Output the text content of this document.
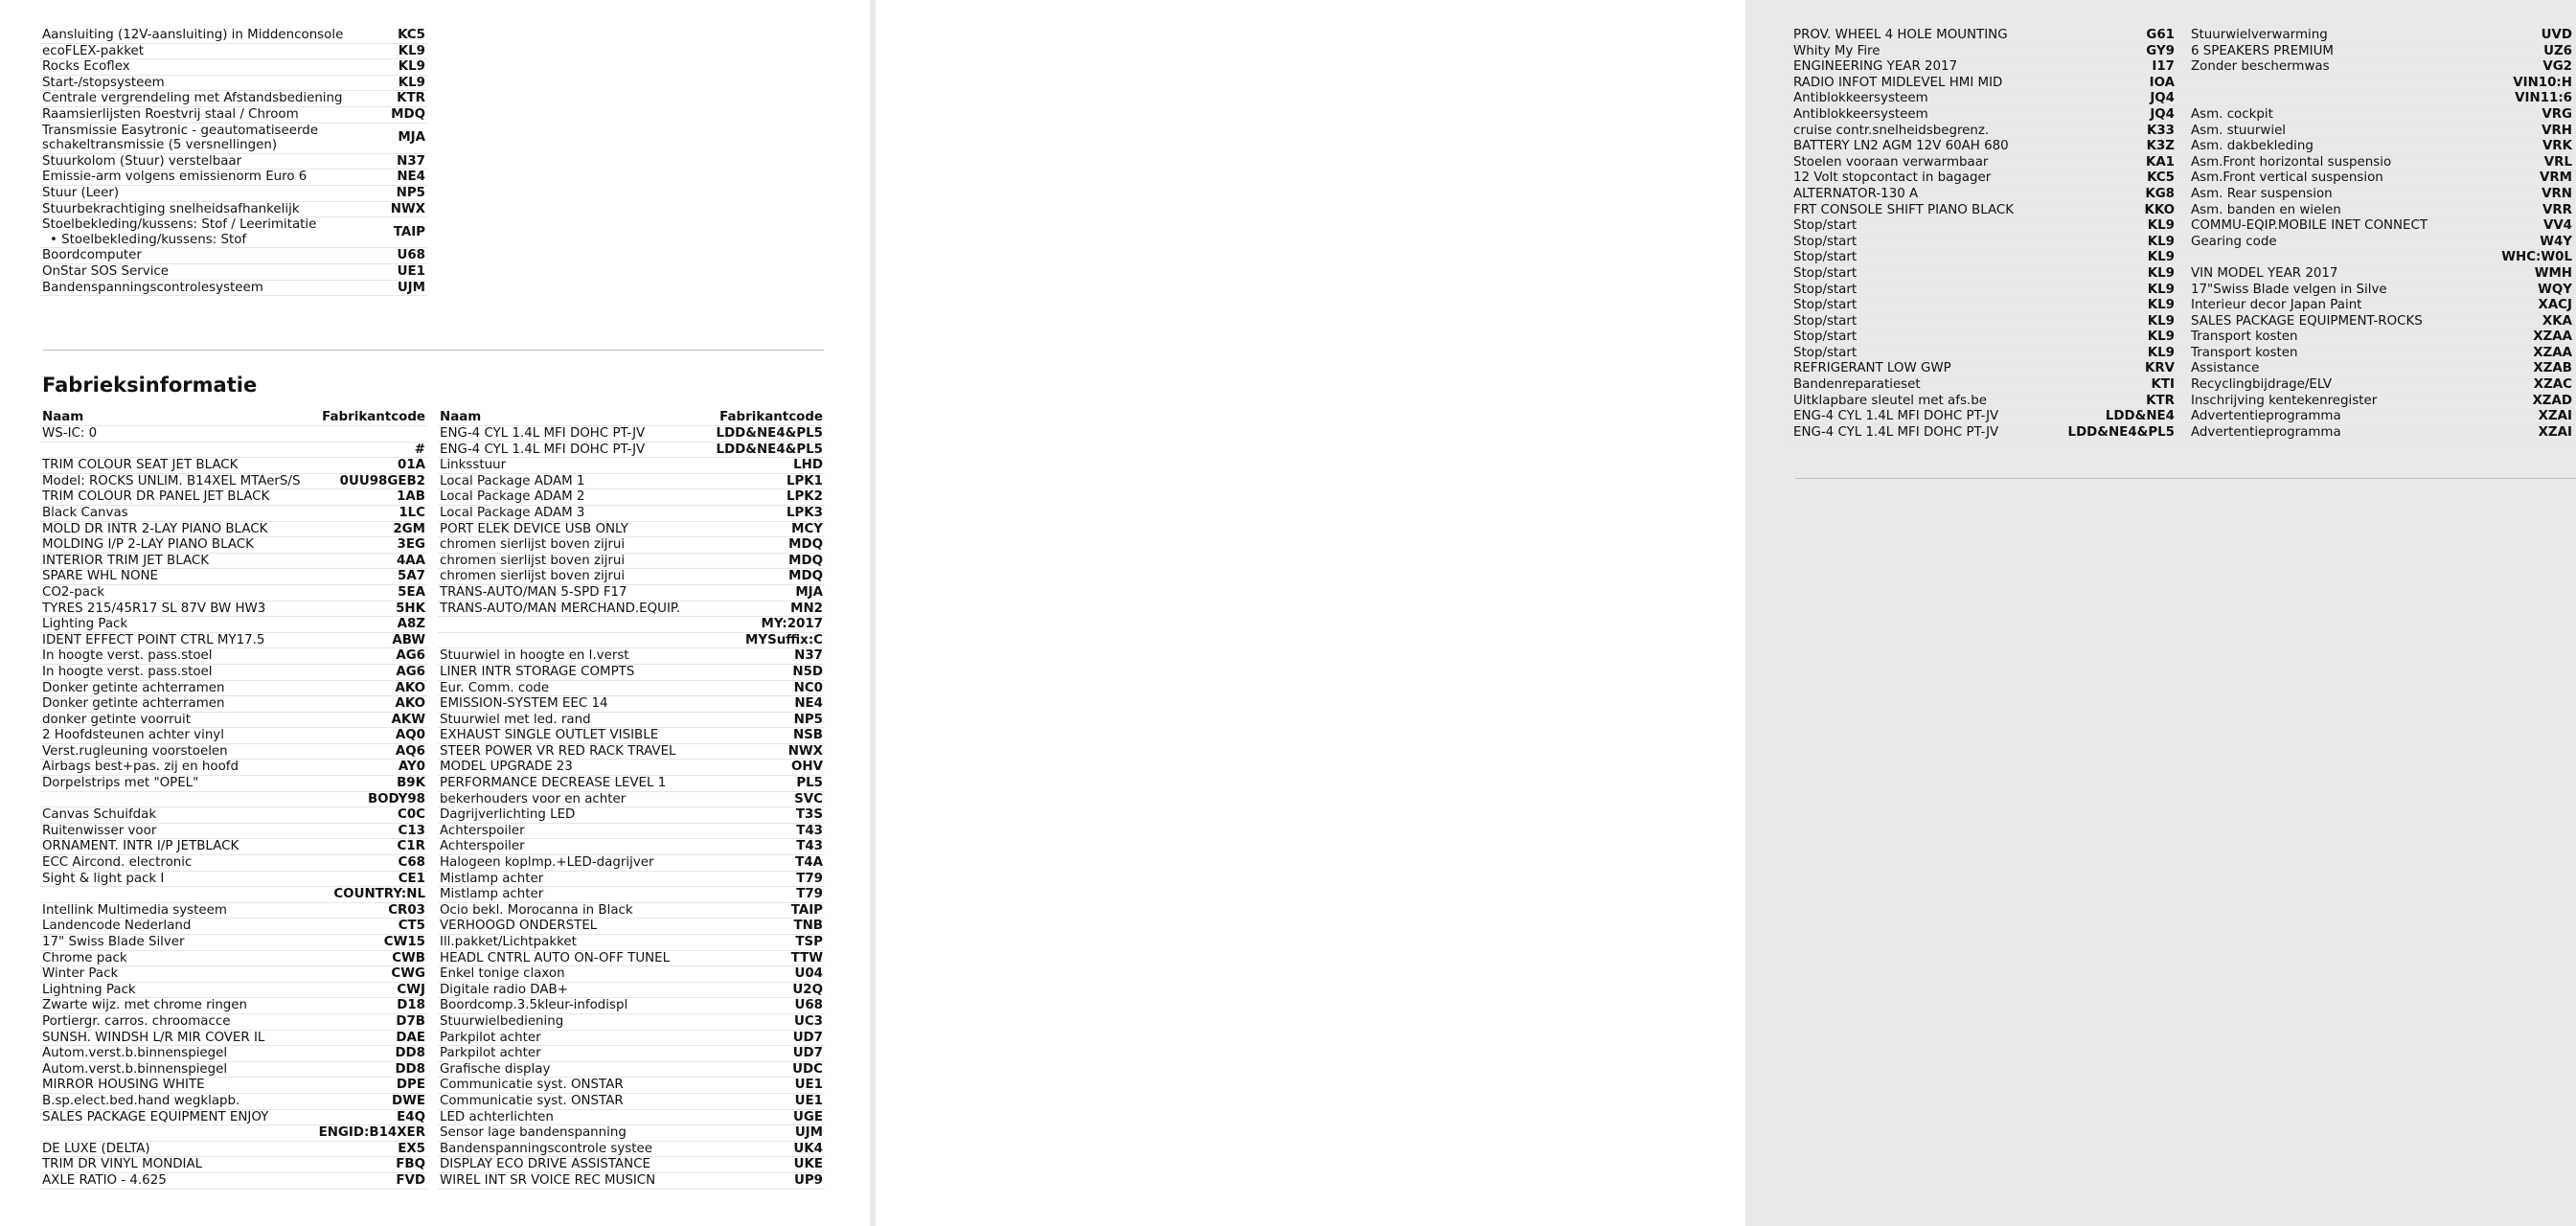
Aansluiting (12V-aansluiting) in Middenconsole	KC5
ecoFLEX-pakket	KL9
Rocks Ecoflex	KL9
Start-/stopsysteem	KL9
Centrale vergrendeling met Afstandsbediening	KTR
Raamsierlijsten Roestvrij staal / Chroom	MDQ
Transmissie Easytronic - geautomatiseerde schakeltransmissie (5 versnellingen)	MJA
Stuurkolom (Stuur) verstelbaar	N37
Emissie-arm volgens emissienorm Euro 6	NE4
Stuur (Leer)	NP5
Stuurbekrachtiging snelheidsafhankelijk	NWX
Stoelbekleding/kussens: Stof / Leerimitatie
• Stoelbekleding/kussens: Stof	TAIP
Boordcomputer	U68
OnStar SOS Service	UE1
Bandenspanningscontrolesysteem	UJM
Fabrieksinformatie
Naam	Fabrikantcode
WS-IC: 0	
	#
TRIM COLOUR SEAT JET BLACK	01A
Model: ROCKS UNLIM. B14XEL MTAerS/S	0UU98GEB2
TRIM COLOUR DR PANEL JET BLACK	1AB
Black Canvas	1LC
MOLD DR INTR 2-LAY PIANO BLACK	2GM
MOLDING I/P 2-LAY PIANO BLACK	3EG
INTERIOR TRIM JET BLACK	4AA
SPARE WHL NONE	5A7
CO2-pack	5EA
TYRES 215/45R17 SL 87V BW HW3	5HK
Lighting Pack	A8Z
IDENT EFFECT POINT CTRL MY17.5	ABW
In hoogte verst. pass.stoel	AG6
In hoogte verst. pass.stoel	AG6
Donker getinte achterramen	AKO
Donker getinte achterramen	AKO
donker getinte voorruit	AKW
2 Hoofdsteunen achter vinyl	AQ0
Verst.rugleuning voorstoelen	AQ6
Airbags best+pas. zij en hoofd	AY0
Dorpelstrips met "OPEL"	B9K
	BODY98
Canvas Schuifdak	C0C
Ruitenwisser voor	C13
ORNAMENT. INTR I/P JETBLACK	C1R
ECC Aircond. electronic	C68
Sight & light pack I	CE1
	COUNTRY:NL
Intellink Multimedia systeem	CR03
Landencode Nederland	CT5
17" Swiss Blade Silver	CW15
Chrome pack	CWB
Winter Pack	CWG
Lightning Pack	CWJ
Zwarte wijz. met chrome ringen	D18
Portiergr. carros. chroomacce	D7B
SUNSH. WINDSH L/R MIR COVER IL	DAE
Autom.verst.b.binnenspiegel	DD8
Autom.verst.b.binnenspiegel	DD8
MIRROR HOUSING WHITE	DPE
B.sp.elect.bed.hand wegklapb.	DWE
SALES PACKAGE EQUIPMENT ENJOY	E4Q
	ENGID:B14XER
DE LUXE (DELTA)	EX5
TRIM DR VINYL MONDIAL	FBQ
AXLE RATIO - 4.625	FVD
Naam	Fabrikantcode
ENG-4 CYL 1.4L MFI DOHC PT-JV	LDD&NE4&PL5
ENG-4 CYL 1.4L MFI DOHC PT-JV	LDD&NE4&PL5
Linksstuur	LHD
Local Package ADAM 1	LPK1
Local Package ADAM 2	LPK2
Local Package ADAM 3	LPK3
PORT ELEK DEVICE USB ONLY	MCY
chromen sierlijst boven zijrui	MDQ
chromen sierlijst boven zijrui	MDQ
chromen sierlijst boven zijrui	MDQ
TRANS-AUTO/MAN 5-SPD F17	MJA
TRANS-AUTO/MAN MERCHAND.EQUIP.	MN2
	MY:2017
	MYSuffix:C
Stuurwiel in hoogte en l.verst	N37
LINER INTR STORAGE COMPTS	N5D
Eur. Comm. code	NC0
EMISSION-SYSTEM EEC 14	NE4
Stuurwiel met led. rand	NP5
EXHAUST SINGLE OUTLET VISIBLE	NSB
STEER POWER VR RED RACK TRAVEL	NWX
MODEL UPGRADE 23	OHV
PERFORMANCE DECREASE LEVEL 1	PL5
bekerhouders voor en achter	SVC
Dagrijverlichting LED	T3S
Achterspoiler	T43
Achterspoiler	T43
Halogeen koplmp.+LED-dagrijver	T4A
Mistlamp achter	T79
Mistlamp achter	T79
Ocio bekl. Morocanna in Black	TAIP
VERHOOGD ONDERSTEL	TNB
Ill.pakket/Lichtpakket	TSP
HEADL CNTRL AUTO ON-OFF TUNEL	TTW
Enkel tonige claxon	U04
Digitale radio DAB+	U2Q
Boordcomp.3.5kleur-infodispl	U68
Stuurwielbediening	UC3
Parkpilot achter	UD7
Parkpilot achter	UD7
Grafische display	UDC
Communicatie syst. ONSTAR	UE1
Communicatie syst. ONSTAR	UE1
LED achterlichten	UGE
Sensor lage bandenspanning	UJM
Bandenspanningscontrole systee	UK4
DISPLAY ECO DRIVE ASSISTANCE	UKE
WIREL INT SR VOICE REC MUSICN	UP9
PROV. WHEEL 4 HOLE MOUNTING	G61
Whity My Fire	GY9
ENGINEERING YEAR 2017	I17
RADIO INFOT MIDLEVEL HMI MID	IOA
Antiblokkeersysteem	JQ4
Antiblokkeersysteem	JQ4
cruise contr.snelheidsbegrenz.	K33
BATTERY LN2 AGM 12V 60AH 680	K3Z
Stoelen vooraan verwarmbaar	KA1
12 Volt stopcontact in bagager	KC5
ALTERNATOR-130 A	KG8
FRT CONSOLE SHIFT PIANO BLACK	KKO
Stop/start	KL9
Stop/start	KL9
Stop/start	KL9
Stop/start	KL9
Stop/start	KL9
Stop/start	KL9
Stop/start	KL9
Stop/start	KL9
Stop/start	KL9
REFRIGERANT LOW GWP	KRV
Bandenreparatieset	KTI
Uitklapbare sleutel met afs.be	KTR
ENG-4 CYL 1.4L MFI DOHC PT-JV	LDD&NE4
ENG-4 CYL 1.4L MFI DOHC PT-JV	LDD&NE4&PL5
Stuurwielverwarming	UVD
6 SPEAKERS PREMIUM	UZ6
Zonder beschermwas	VG2
	VIN10:H
	VIN11:6
Asm. cockpit	VRG
Asm. stuurwiel	VRH
Asm. dakbekleding	VRK
Asm.Front horizontal suspensio	VRL
Asm.Front vertical suspension	VRM
Asm. Rear suspension	VRN
Asm. banden en wielen	VRR
COMMU-EQIP.MOBILE INET CONNECT	VV4
Gearing code	W4Y
	WHC:W0L
VIN MODEL YEAR 2017	WMH
17"Swiss Blade velgen in Silve	WQY
Interieur decor Japan Paint	XACJ
SALES PACKAGE EQUIPMENT-ROCKS	XKA
Transport kosten	XZAA
Transport kosten	XZAA
Assistance	XZAB
Recyclingbijdrage/ELV	XZAC
Inschrijving kentekenregister	XZAD
Advertentieprogramma	XZAI
Advertentieprogramma	XZAI
